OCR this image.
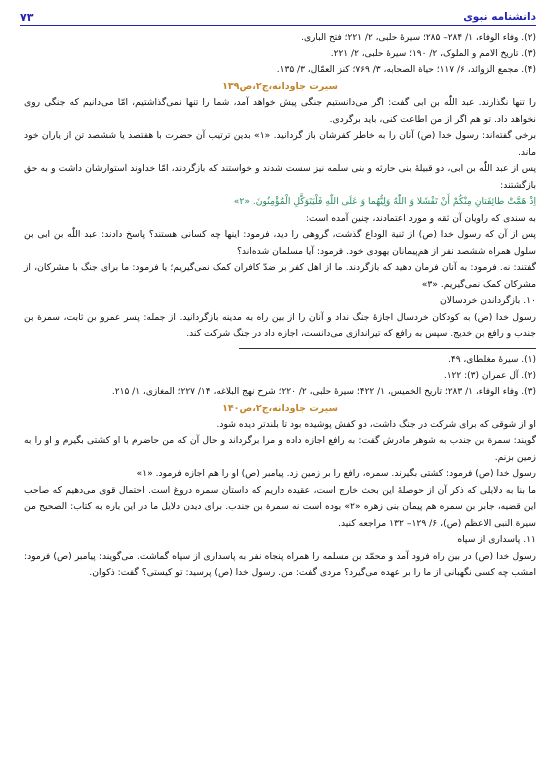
دانشنامه نبوی
۷۳

(۲). وفاء الوفاء، ۱/ ۲۸۴– ۲۸۵؛ سیرهٔ حلبی، ۲/ ۲۲۱؛ فتح الباری.

(۳). تاریخ الامم و الملوک، ۲/ ۱۹۰؛ سیرهٔ حلبی، ۲/ ۲۲۱.

(۴). مجمع الزوائد، ۶/ ۱۱۷؛ حیاة الصحابه، ۳/ ۷۶۹؛ کنز العمّال، ۳/ ۱۳۵.

سیرت جاودانه،ج۲،ص۱۳۹

را تنها نگذارند. عبد اللّٰه بن ابی گفت: اگر می‌دانستیم جنگی پیش خواهد آمد، شما را تنها نمی‌گذاشتیم، امّا می‌دانیم که جنگی روی نخواهد داد. تو هم اگر از من اطاعت کنی، باید برگردی.

برخی گفته‌اند: رسول خدا (ص) آنان را به خاطر کفرشان باز گردانید. «۱» بدین ترتیب آن حضرت با هفتصد یا ششصد تن از یاران خود ماند.

پس از عبد اللّٰه بن ابی، دو قبیلهٔ بنی حارثه و بنی سلمه نیز سست شدند و خواستند که بازگردند، امّا خداوند استوارشان داشت و به حق بازگشتند:

اِذْ هَمَّتْ طائِفَتانِ مِنْکُمْ أَنْ تَفْشَلا وَ اللّٰهُ وَلِیُّهُما وَ عَلَی اللّٰهِ فَلْیَتَوَکَّلِ الْمُؤْمِنُونَ. «۲»

به سندی که راویان آن ثقه و مورد اعتمادند، چنین آمده است:

پس از آن که رسول خدا (ص) از ثنیة الوداع گذشت، گروهی را دید، فرمود: اینها چه کسانی هستند؟ پاسخ دادند: عبد اللّٰه بن ابی بن سلول همراه ششصد نفر از هم‌پیمانان یهودی خود. فرمود: آیا مسلمان شده‌اند؟

گفتند: نه. فرمود: به آنان فرمان دهید که بازگردند. ما از اهل کفر بر ضدّ کافران کمک نمی‌گیریم؛ یا فرمود: ما برای جنگ با مشرکان، از مشرکان کمک نمی‌گیریم. «۳»

۱۰. بازگرداندن خردسالان

رسول خدا (ص) به کودکان خردسال اجازهٔ جنگ نداد و آنان را از بین راه به مدینه بازگردانید. از جمله: پسر عمرو بن ثابت، سمرة بن جندب و رافع بن خدیج. سپس به رافع که تیراندازی می‌دانست، اجازه داد در جنگ شرکت کند.

(۱). سیرهٔ مغلطای، ۴۹.

(۲). آل عمران (۳): ۱۲۲.

(۳). وفاء الوفاء، ۱/ ۲۸۳؛ تاریخ الخمیس، ۱/ ۴۲۲؛ سیرهٔ حلبی، ۲/ ۲۲۰؛ شرح نهج البلاغه، ۱۴/ ۲۲۷؛ المغازی، ۱/ ۲۱۵.

سیرت جاودانه،ج۲،ص۱۴۰

او از شوقی که برای شرکت در جنگ داشت، دو کفش پوشیده بود تا بلندتر دیده شود.

گویند: سمرة بن جندب به شوهر مادرش گفت: به رافع اجازه داده و مرا برگرداند و حال آن که من حاضرم با او کشتی بگیرم و او را به زمین بزنم.

رسول خدا (ص) فرمود: کشتی بگیرند. سمره، رافع را بر زمین زد. پیامبر (ص) او را هم اجازه فرمود. «۱»

ما بنا به دلایلی که ذکر آن از حوصلهٔ این بحث خارج است، عقیده داریم که داستان سمره دروغ است. احتمال قوی می‌دهیم که صاحب این قضیه، جابر بن سمره هم پیمان بنی زهره «۲» بوده است نه سمرة بن جندب. برای دیدن دلایل ما در این باره به کتاب: الصحیح من سیرة النبی الاعظم (ص)، ۶/ ۱۲۹– ۱۳۲ مراجعه کنید.

۱۱. پاسداری از سپاه

رسول خدا (ص) در بین راه فرود آمد و محمّد بن مسلمه را همراه پنجاه نفر به پاسداری از سپاه گماشت. می‌گویند: پیامبر (ص) فرمود: امشب چه کسی نگهبانی از ما را بر عهده می‌گیرد؟ مردی گفت: من. رسول خدا (ص) پرسید: تو کیستی؟ گفت: ذکوان.
